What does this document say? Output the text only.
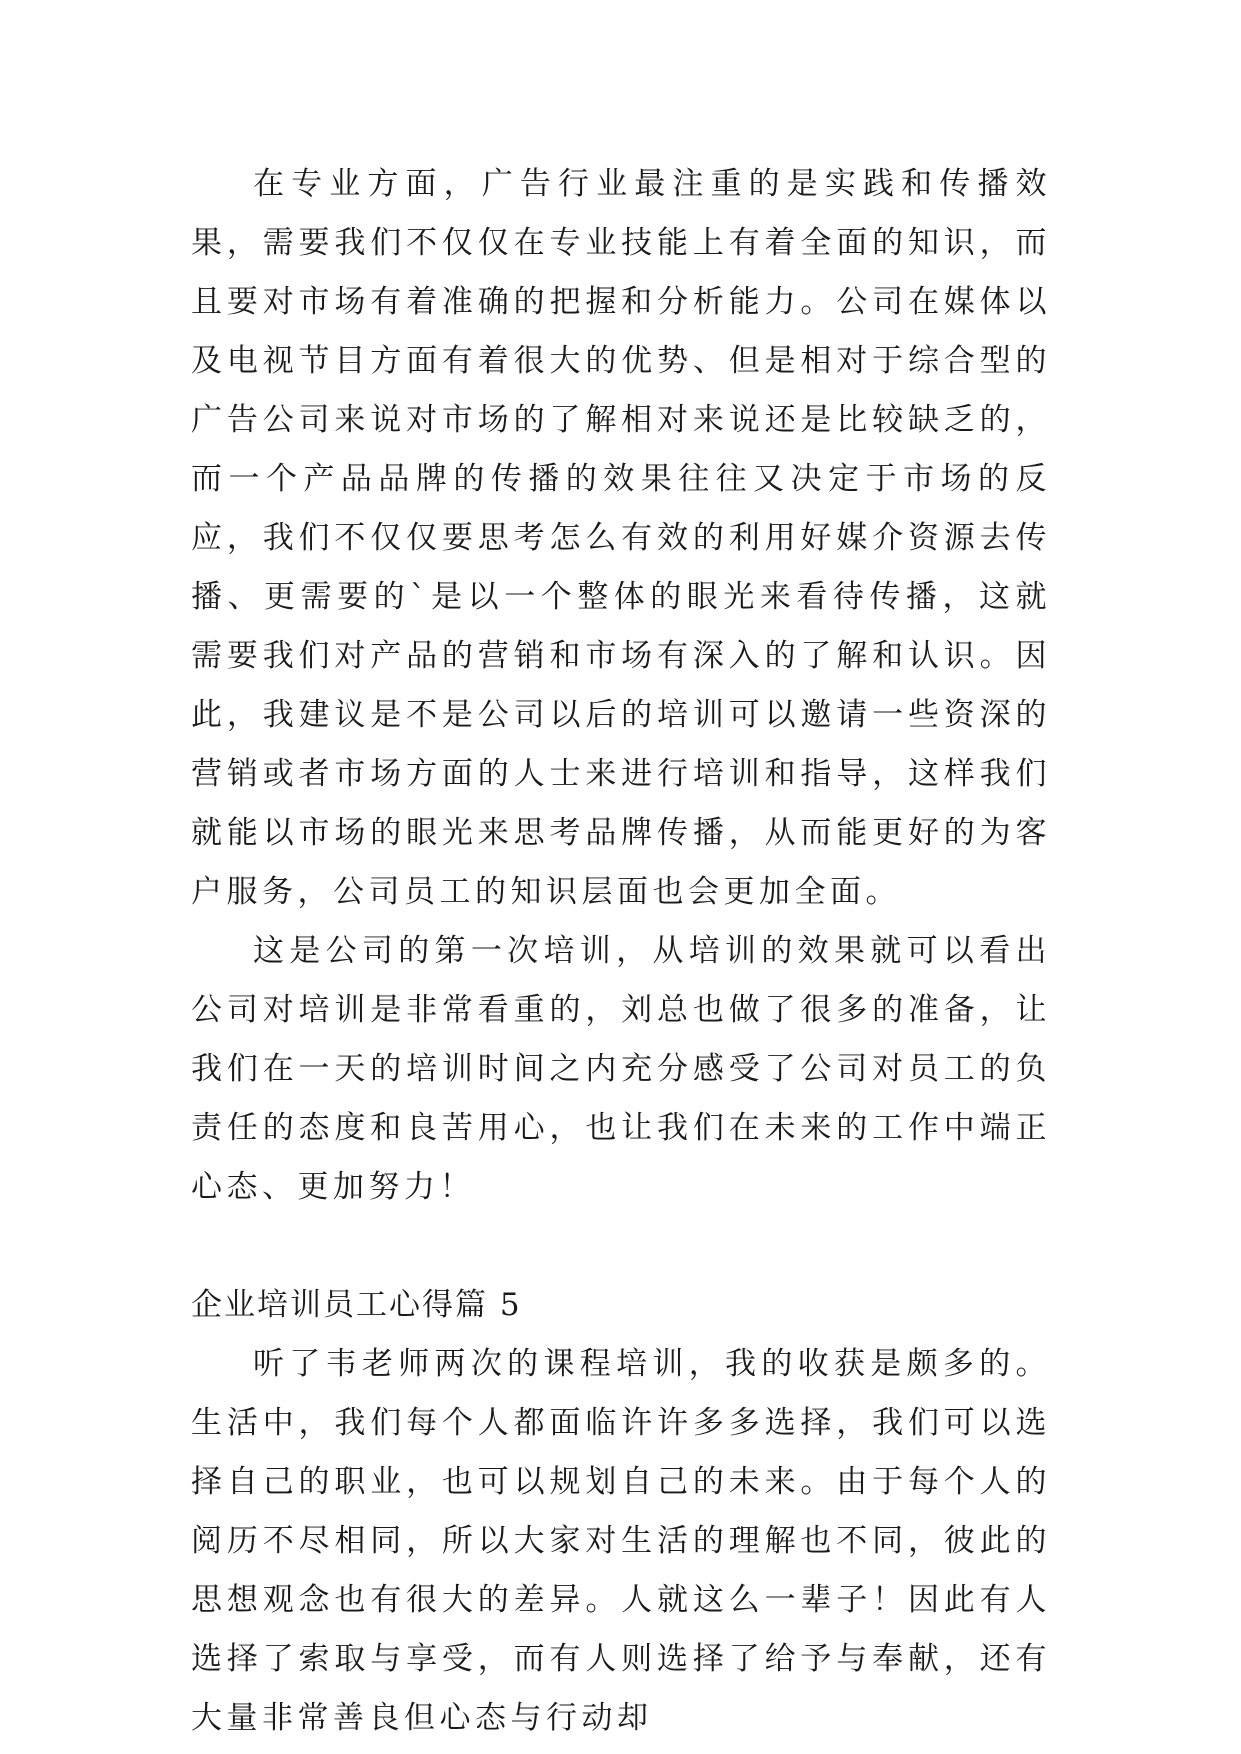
在专业方面，广告行业最注重的是实践和传播效果，需要我们不仅仅在专业技能上有着全面的知识，而且要对市场有着准确的把握和分析能力。公司在媒体以及电视节目方面有着很大的优势、但是相对于综合型的广告公司来说对市场的了解相对来说还是比较缺乏的，而一个产品品牌的传播的效果往往又决定于市场的反应，我们不仅仅要思考怎么有效的利用好媒介资源去传播、更需要的`是以一个整体的眼光来看待传播，这就需要我们对产品的营销和市场有深入的了解和认识。因此，我建议是不是公司以后的培训可以邀请一些资深的营销或者市场方面的人士来进行培训和指导，这样我们就能以市场的眼光来思考品牌传播，从而能更好的为客户服务，公司员工的知识层面也会更加全面。

这是公司的第一次培训，从培训的效果就可以看出公司对培训是非常看重的，刘总也做了很多的准备，让我们在一天的培训时间之内充分感受了公司对员工的负责任的态度和良苦用心，也让我们在未来的工作中端正心态、更加努力！

企业培训员工心得篇 5

听了韦老师两次的课程培训，我的收获是颇多的。生活中，我们每个人都面临许许多多选择，我们可以选择自己的职业，也可以规划自己的未来。由于每个人的阅历不尽相同，所以大家对生活的理解也不同，彼此的思想观念也有很大的差异。人就这么一辈子！因此有人选择了索取与享受，而有人则选择了给予与奉献，还有大量非常善良但心态与行动却
